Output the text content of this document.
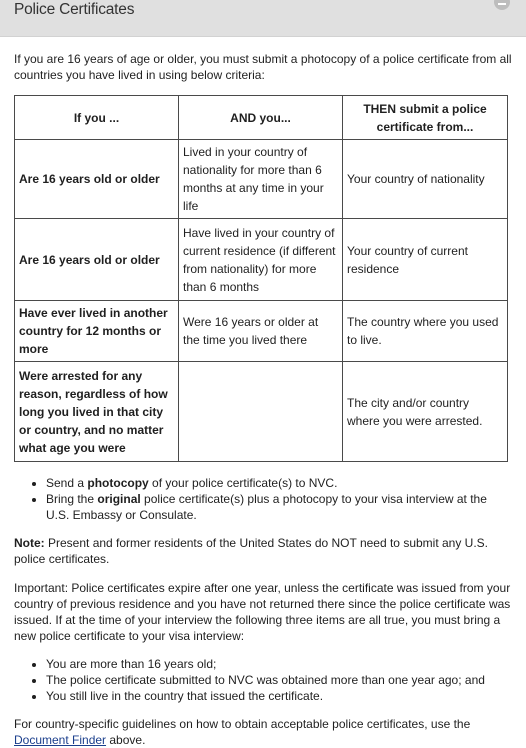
Police Certificates

If you are 16 years of age or older, you must submit a photocopy of a police certificate from all countries you have lived in using below criteria:

If you ...	AND you...	THEN submit a police certificate from...
Are 16 years old or older	Lived in your country of nationality for more than 6 months at any time in your life	Your country of nationality
Are 16 years old or older	Have lived in your country of current residence (if different from nationality) for more than 6 months	Your country of current residence
Have ever lived in another country for 12 months or more	Were 16 years or older at the time you lived there	The country where you used to live.
Were arrested for any reason, regardless of how long you lived in that city or country, and no matter what age you were		The city and/or country where you were arrested.
• Send a photocopy of your police certificate(s) to NVC.
• Bring the original police certificate(s) plus a photocopy to your visa interview at the U.S. Embassy or Consulate.

Note: Present and former residents of the United States do NOT need to submit any U.S. police certificates.

Important: Police certificates expire after one year, unless the certificate was issued from your country of previous residence and you have not returned there since the police certificate was issued. If at the time of your interview the following three items are all true, you must bring a new police certificate to your visa interview:

• You are more than 16 years old;
• The police certificate submitted to NVC was obtained more than one year ago; and
• You still live in the country that issued the certificate.

For country-specific guidelines on how to obtain acceptable police certificates, use the Document Finder above.
